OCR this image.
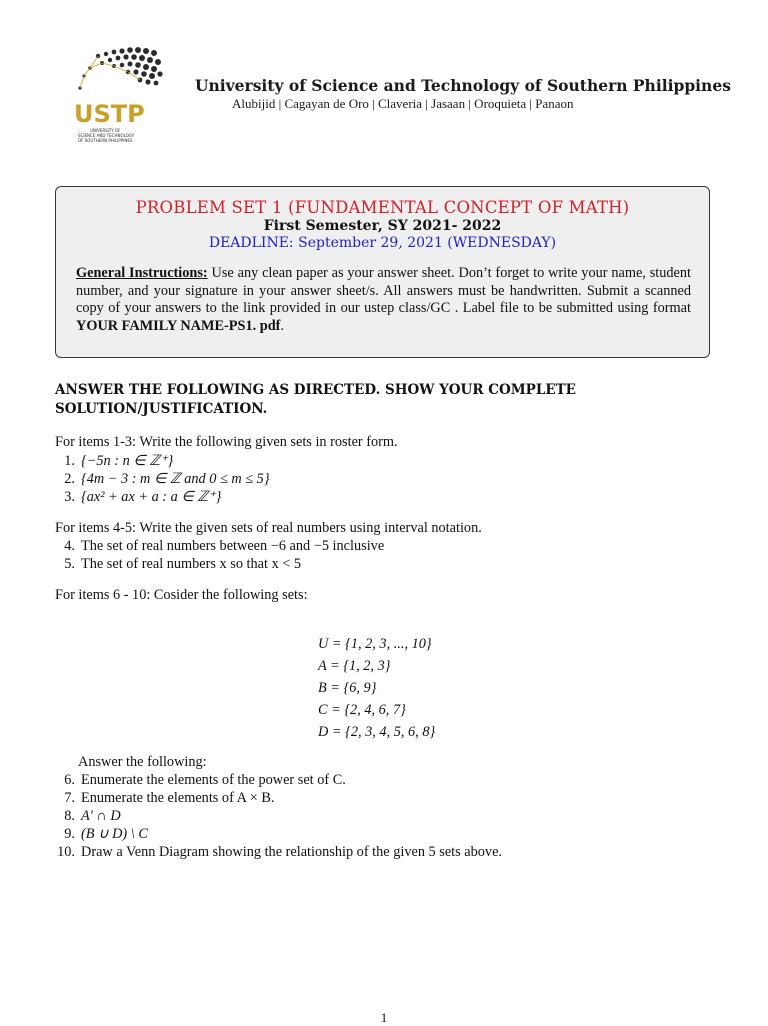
USTP
UNIVERSITY OF
SCIENCE AND TECHNOLOGY
OF SOUTHERN PHILIPPINES
University of Science and Technology of Southern Philippines
Alubijid | Cagayan de Oro | Claveria | Jasaan | Oroquieta | Panaon
PROBLEM SET 1 (FUNDAMENTAL CONCEPT OF MATH)
First Semester, SY 2021- 2022
DEADLINE: September 29, 2021 (WEDNESDAY)
General Instructions: Use any clean paper as your answer sheet. Don’t forget to write your name, student number, and your signature in your answer sheet/s. All answers must be handwritten. Submit a scanned copy of your answers to the link provided in our ustep class/GC . Label file to be submitted using format YOUR FAMILY NAME-PS1. pdf.
ANSWER THE FOLLOWING AS DIRECTED. SHOW YOUR COMPLETE SOLUTION/JUSTIFICATION.
For items 1-3: Write the following given sets in roster form.
1. {−5n : n ∈ ℤ⁺}
2. {4m − 3 : m ∈ ℤ and 0 ≤ m ≤ 5}
3. {ax² + ax + a : a ∈ ℤ⁺}
For items 4-5: Write the given sets of real numbers using interval notation.
4. The set of real numbers between −6 and −5 inclusive
5. The set of real numbers x so that x < 5
For items 6 - 10: Cosider the following sets:
U = {1, 2, 3, ..., 10}
A = {1, 2, 3}
B = {6, 9}
C = {2, 4, 6, 7}
D = {2, 3, 4, 5, 6, 8}
Answer the following:
6. Enumerate the elements of the power set of C.
7. Enumerate the elements of A × B.
8. A′ ∩ D
9. (B ∪ D) \ C
10. Draw a Venn Diagram showing the relationship of the given 5 sets above.
1
